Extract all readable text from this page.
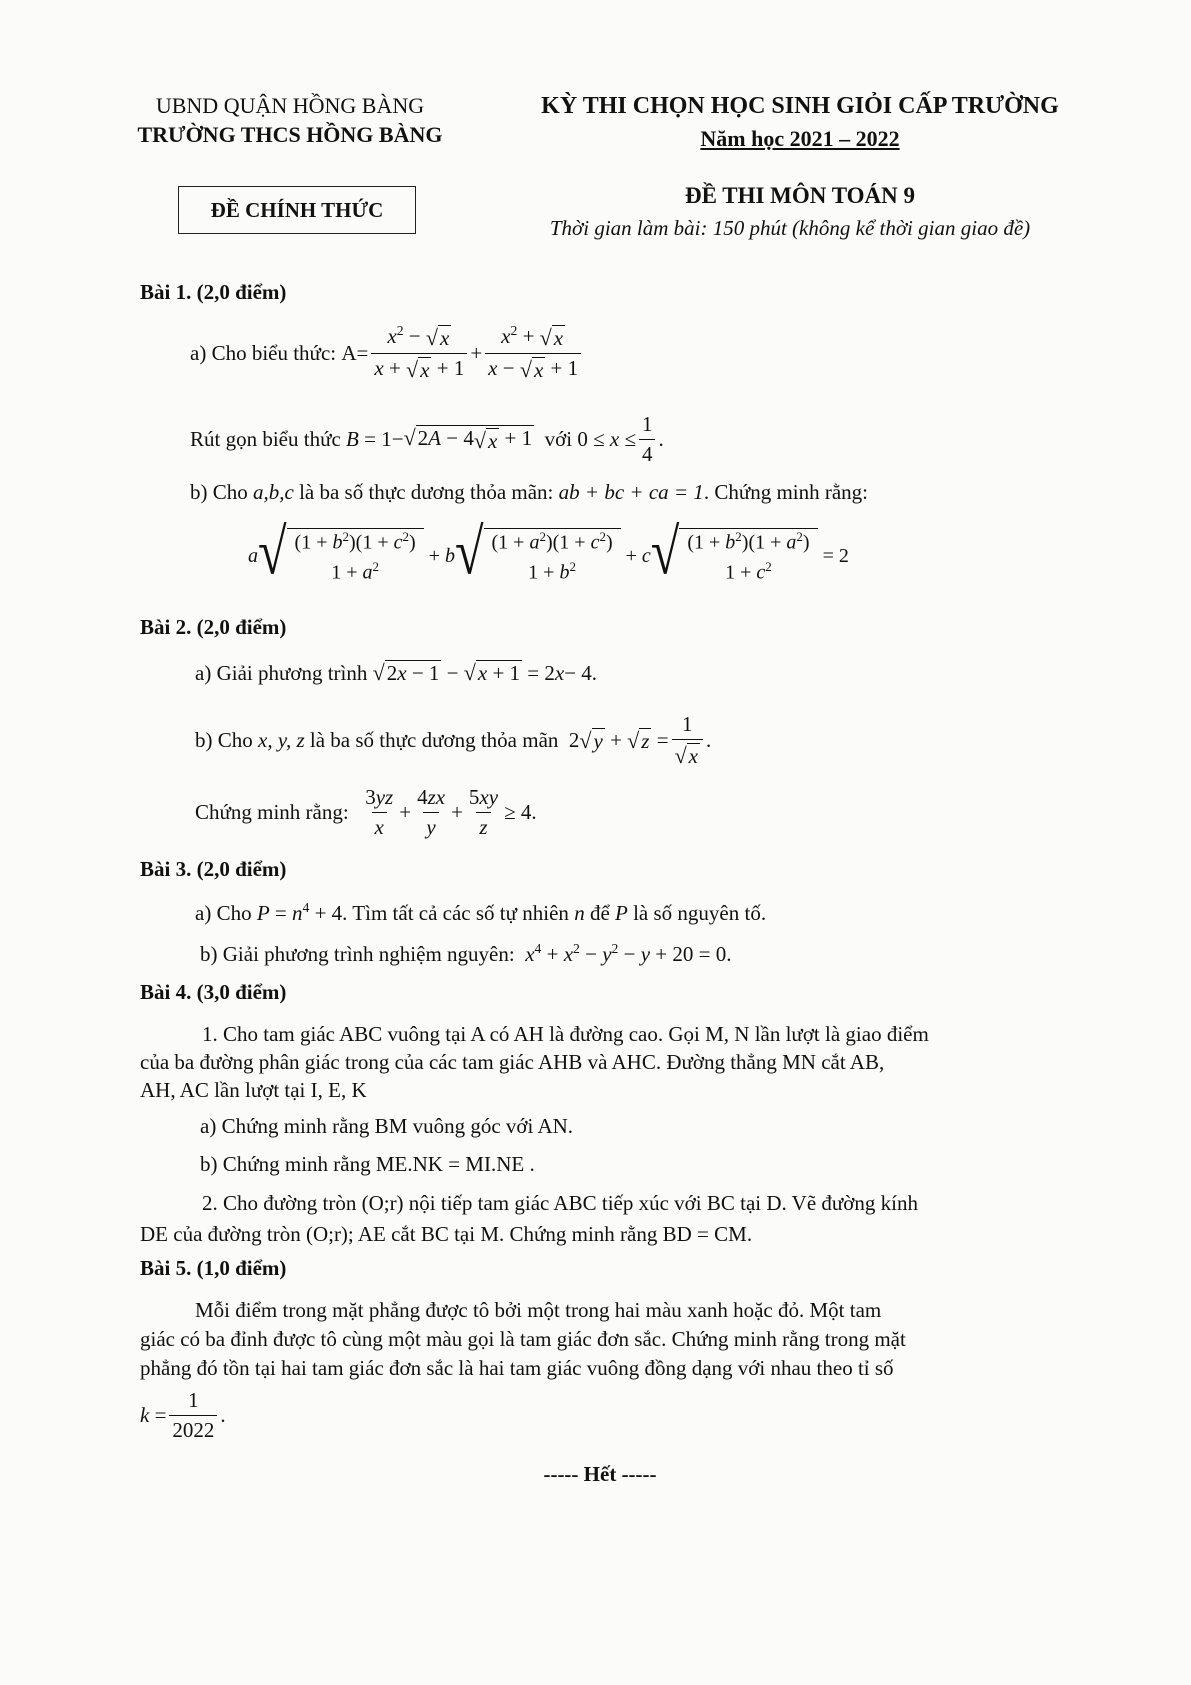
UBND QUẬN HỒNG BÀNG
TRƯỜNG THCS HỒNG BÀNG
KỲ THI CHỌN HỌC SINH GIỎI CẤP TRƯỜNG
Năm học 2021 – 2022
ĐỀ CHÍNH THỨC
ĐỀ THI MÔN TOÁN 9
Thời gian làm bài: 150 phút (không kể thời gian giao đề)
Bài 1. (2,0 điểm)
a) Cho biểu thức:
$A= \frac{x^2 - √ x}{x + √ x + 1} + \frac{x^2 + √ x}{x - √ x + 1}$
Rút gọn biểu thức
B = 1− √ 2A − 4 √ x + 1
với
$0 \le x \le \frac{1}{4}$ .
b) Cho a,b,c là ba số thực dương thỏa mãn: ab + bc + ca = 1. Chứng minh rằng:
a √ $(1 + b^2)(1 + c^2)$
$1 + a^2 + b$ √ $(1 + a^2)(1 + c^2)$
$1 + b^2 + c$ √ $(1 + b^2)(1 + a^2)$
$1 + c^2 = 2$
Bài 2. (2,0 điểm)
a) Giải phương trình
√ 2x − 1 − √ x + 1 = 2 x − 4.
b) Cho
x, y, z
là ba số thực dương thỏa mãn
2 √ y + √ $z = \frac{1}{√ x}$ .
Chứng minh rằng:
$\frac{3yz}{x} + \frac{4zx}{y} + \frac{5xy}{z} \ge 4$.
Bài 3. (2,0 điểm)
a) Cho $P = n^4 + 4$. Tìm tất cả các số tự nhiên n để P là số nguyên tố.
b) Giải phương trình nghiệm nguyên: $x^4 + x^2 - y^2 - y + 20 = 0$.
Bài 4. (3,0 điểm)
1. Cho tam giác ABC vuông tại A có AH là đường cao. Gọi M, N lần lượt là giao điểm
của ba đường phân giác trong của các tam giác AHB và AHC. Đường thẳng MN cắt AB,
AH, AC lần lượt tại I, E, K
a) Chứng minh rằng BM vuông góc với AN.
b) Chứng minh rằng ME.NK = MI.NE .
2. Cho đường tròn (O;r) nội tiếp tam giác ABC tiếp xúc với BC tại D. Vẽ đường kính
DE của đường tròn (O;r); AE cắt BC tại M. Chứng minh rằng BD = CM.
Bài 5. (1,0 điểm)
Mỗi điểm trong mặt phẳng được tô bởi một trong hai màu xanh hoặc đỏ. Một tam
giác có ba đỉnh được tô cùng một màu gọi là tam giác đơn sắc. Chứng minh rằng trong mặt
phẳng đó tồn tại hai tam giác đơn sắc là hai tam giác vuông đồng dạng với nhau theo tỉ số
$k = \frac{1}{2022}$ .
----- Hết -----
